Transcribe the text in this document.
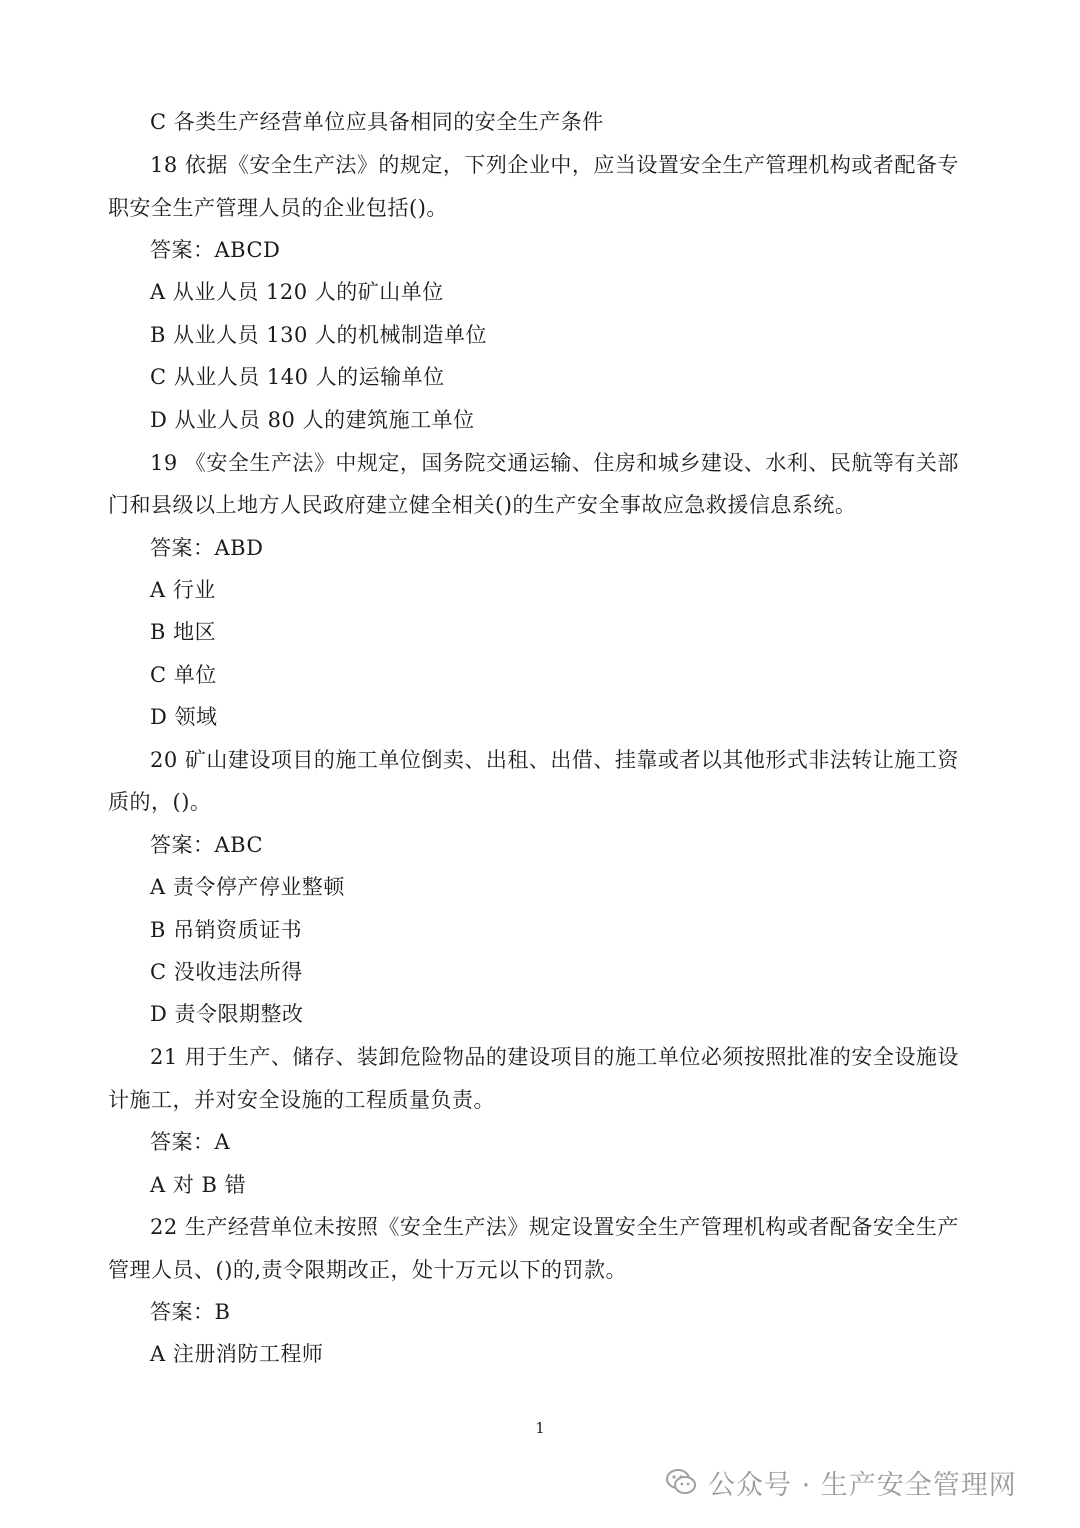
C 各类生产经营单位应具备相同的安全生产条件
18 依据《安全生产法》的规定，下列企业中，应当设置安全生产管理机构或者配备专
职安全生产管理人员的企业包括()。
答案：ABCD
A 从业人员 120 人的矿山单位
B 从业人员 130 人的机械制造单位
C 从业人员 140 人的运输单位
D 从业人员 80 人的建筑施工单位
19 《安全生产法》中规定，国务院交通运输、住房和城乡建设、水利、民航等有关部
门和县级以上地方人民政府建立健全相关()的生产安全事故应急救援信息系统。
答案：ABD
A 行业
B 地区
C 单位
D 领域
20 矿山建设项目的施工单位倒卖、出租、出借、挂靠或者以其他形式非法转让施工资
质的，()。
答案：ABC
A 责令停产停业整顿
B 吊销资质证书
C 没收违法所得
D 责令限期整改
21 用于生产、储存、装卸危险物品的建设项目的施工单位必须按照批准的安全设施设
计施工，并对安全设施的工程质量负责。
答案：A
A 对 B 错
22 生产经营单位未按照《安全生产法》规定设置安全生产管理机构或者配备安全生产
管理人员、()的,责令限期改正，处十万元以下的罚款。
答案：B
A 注册消防工程师
1
公众号 · 生产安全管理网
